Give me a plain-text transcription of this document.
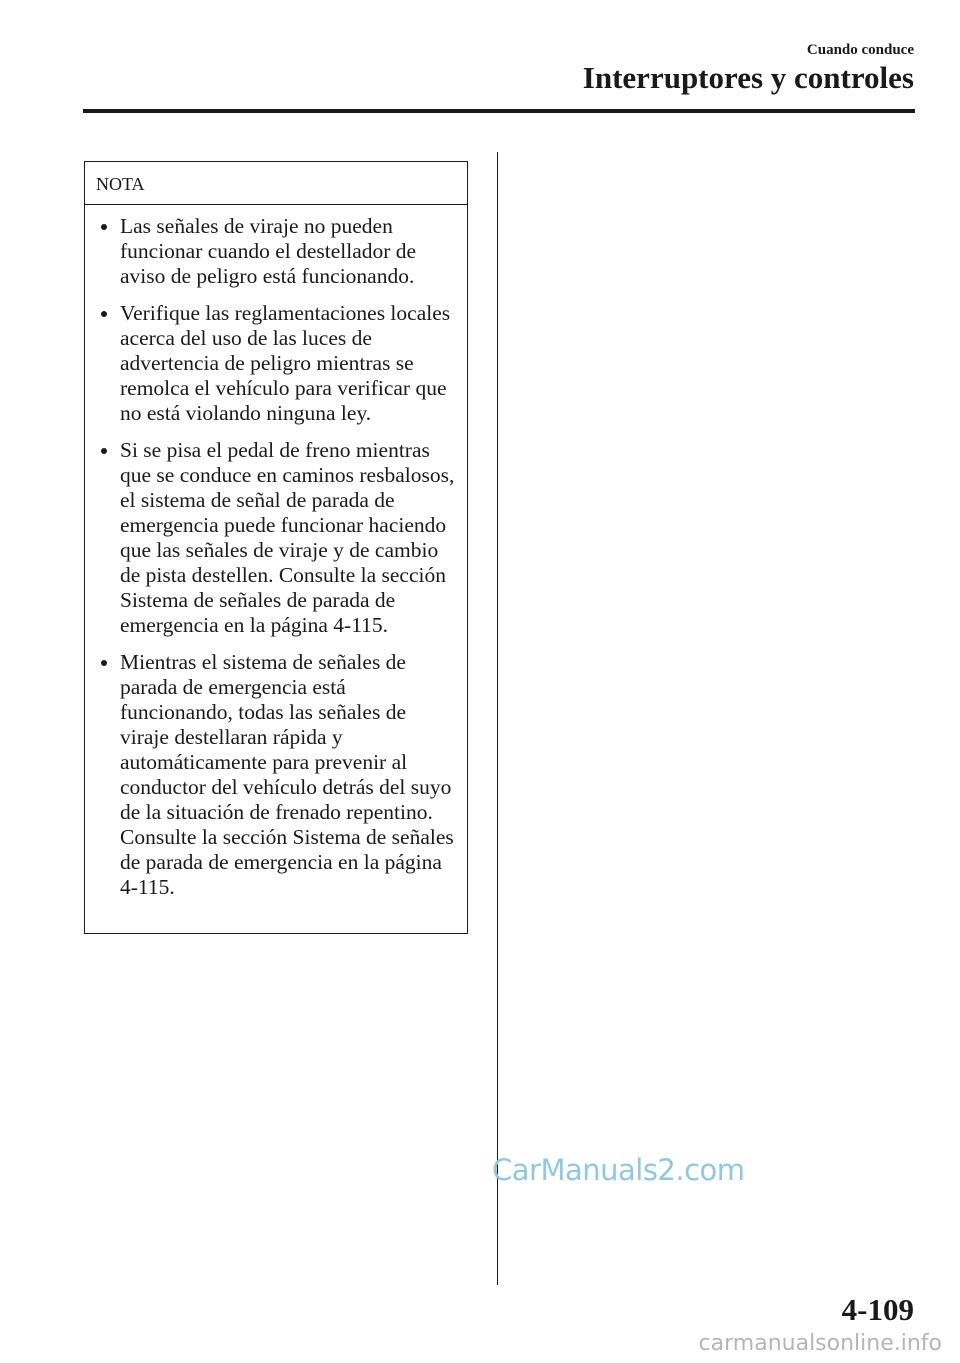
Cuando conduce
Interruptores y controles
NOTA
Las señales de viraje no pueden funcionar cuando el destellador de aviso de peligro está funcionando.
Verifique las reglamentaciones locales acerca del uso de las luces de advertencia de peligro mientras se remolca el vehículo para verificar que no está violando ninguna ley.
Si se pisa el pedal de freno mientras que se conduce en caminos resbalosos, el sistema de señal de parada de emergencia puede funcionar haciendo que las señales de viraje y de cambio de pista destellen. Consulte la sección Sistema de señales de parada de emergencia en la página 4-115.
Mientras el sistema de señales de parada de emergencia está funcionando, todas las señales de viraje destellaran rápida y automáticamente para prevenir al conductor del vehículo detrás del suyo de la situación de frenado repentino. Consulte la sección Sistema de señales de parada de emergencia en la página 4-115.
CarManuals2.com
4-109
carmanualsonline.info
